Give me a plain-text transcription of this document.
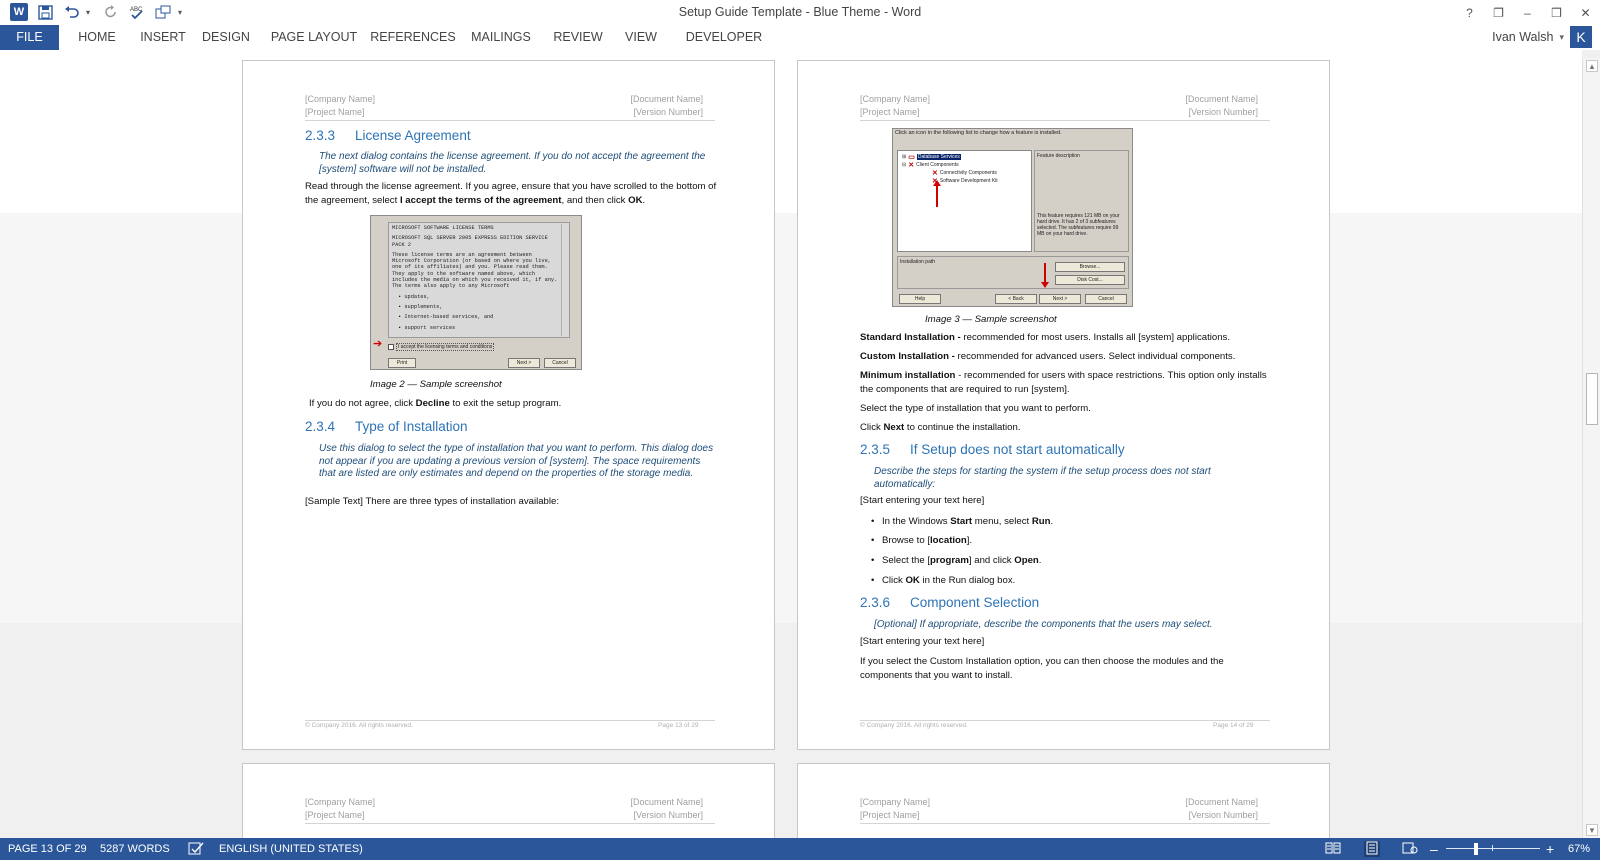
W	▾	ABC	▾	Setup Guide Template - Blue Theme - Word	?	❐	–	❒	✕
FILE	HOME	INSERT	DESIGN	PAGE LAYOUT	REFERENCES	MAILINGS	REVIEW	VIEW	DEVELOPER	Ivan Walsh ▾ K
[Company Name]
[Project Name]
[Document Name]
[Version Number]
2.3.3 License Agreement
The next dialog contains the license agreement. If you do not accept the agreement the [system] software will not be installed.
Read through the license agreement. If you agree, ensure that you have scrolled to the bottom of the agreement, select I accept the terms of the agreement, and then click OK.

MICROSOFT SOFTWARE LICENSE TERMS

MICROSOFT SQL SERVER 2005 EXPRESS EDITION SERVICE PACK 2

These license terms are an agreement between Microsoft Corporation (or based on where you live, one of its affiliates) and you. Please read them. They apply to the software named above, which includes the media on which you received it, if any. The terms also apply to any Microsoft

▪ updates,
▪ supplements,
▪ Internet-based services, and
▪ support services
➔	I accept the licensing terms and conditions
Print	Next >	Cancel
Image 2 — Sample screenshot
If you do not agree, click Decline to exit the setup program.
2.3.4 Type of Installation
Use this dialog to select the type of installation that you want to perform. This dialog does not appear if you are updating a previous version of [system]. The space requirements that are listed are only estimates and depend on the properties of the storage media.
[Sample Text] There are three types of installation available:
© Company 2016. All rights reserved.	Page 13 of 29
[Company Name]
[Project Name]
[Document Name]
[Version Number]
Click an icon in the following list to change how a feature is installed.
⊞ ▭ Database Services
⊟ ✕ Client Components
✕ Connectivity Components
Software Development Kit
Feature description
This feature requires 121 MB on your hard drive. It has 2 of 3 subfeatures selected. The subfeatures require 99 MB on your hard drive.
Installation path
Browse...
Disk Cost...
Help	< Back	Next >	Cancel
Image 3 — Sample screenshot
Standard Installation - recommended for most users. Installs all [system] applications.
Custom Installation - recommended for advanced users. Select individual components.
Minimum installation - recommended for users with space restrictions. This option only installs the components that are required to run [system].
Select the type of installation that you want to perform.
Click Next to continue the installation.
2.3.5 If Setup does not start automatically
Describe the steps for starting the system if the setup process does not start automatically:
[Start entering your text here]
• In the Windows Start menu, select Run.
• Browse to [location].
• Select the [program] and click Open.
• Click OK in the Run dialog box.
2.3.6 Component Selection
[Optional] If appropriate, describe the components that the users may select.
[Start entering your text here]
If you select the Custom Installation option, you can then choose the modules and the components that you want to install.
© Company 2016. All rights reserved.	Page 14 of 29
[Company Name]
[Project Name]
[Document Name]
[Version Number]
[Company Name]
[Project Name]
[Document Name]
[Version Number]
▲
▼
PAGE 13 OF 29 5287 WORDS	ENGLISH (UNITED STATES)	–	+ 67%
